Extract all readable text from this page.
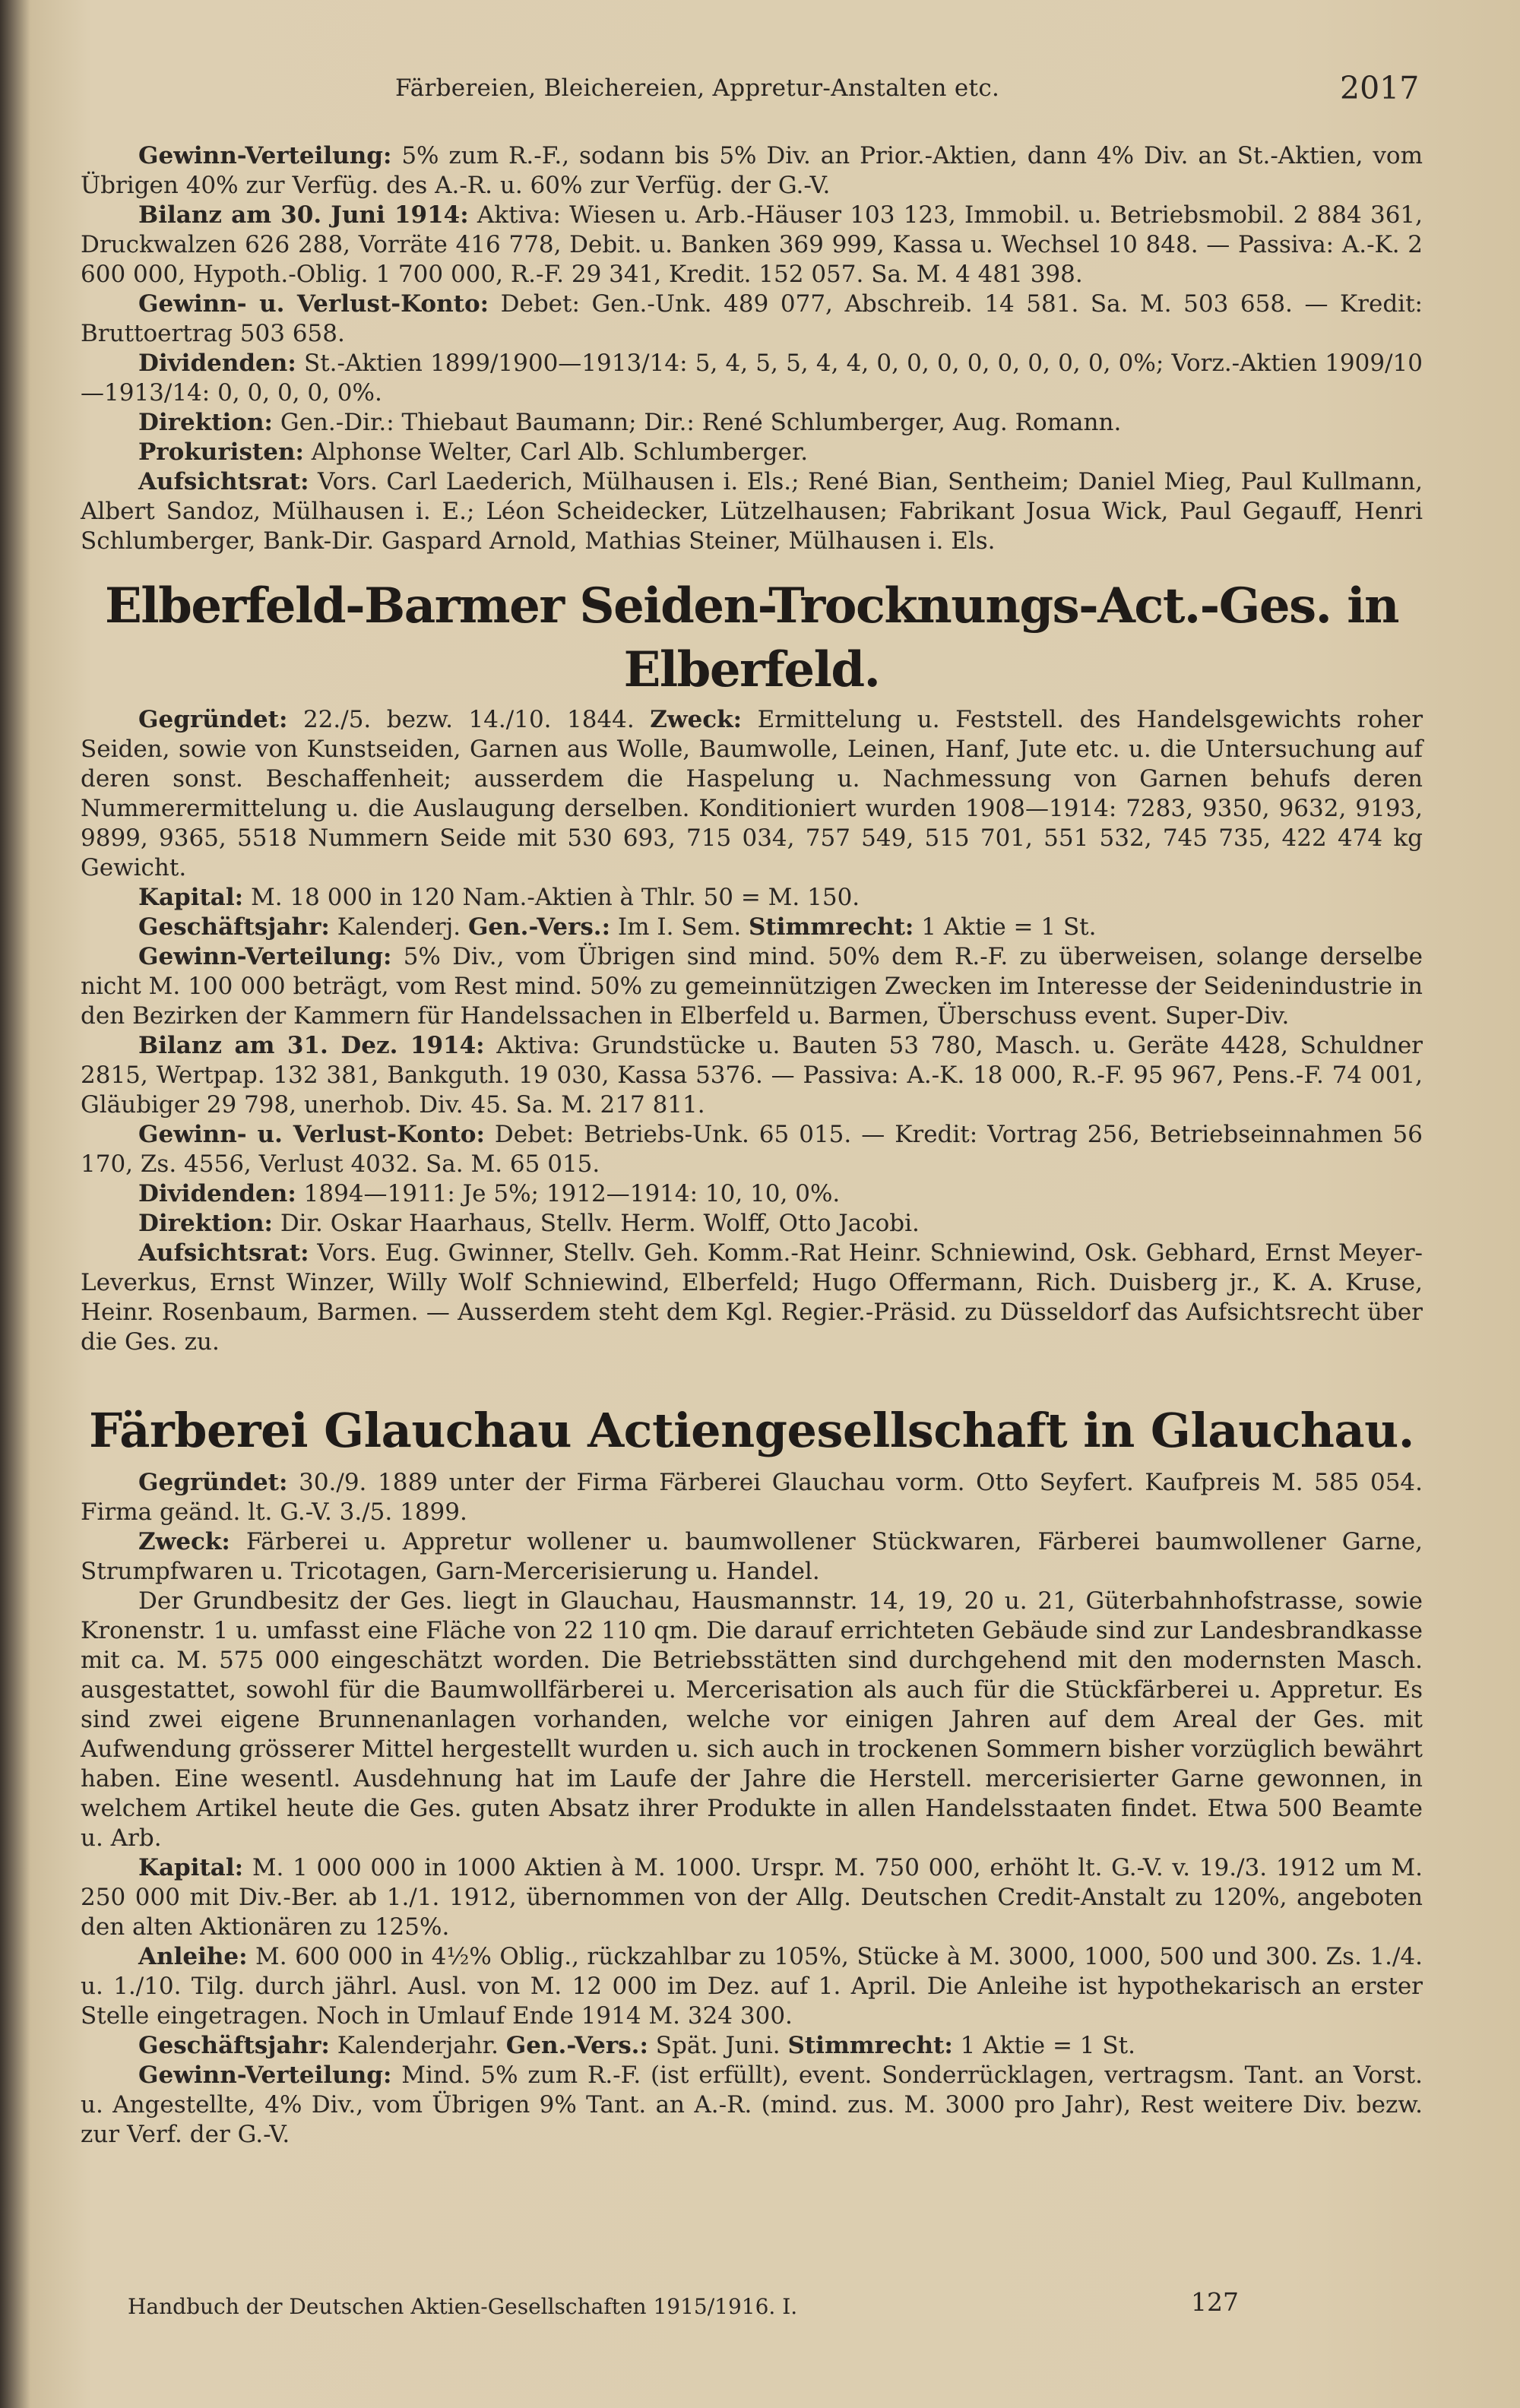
Färbereien, Bleichereien, Appretur-Anstalten etc.	2017

Gewinn-Verteilung: 5% zum R.-F., sodann bis 5% Div. an Prior.-Aktien, dann 4% Div. an St.-Aktien, vom Übrigen 40% zur Verfüg. des A.-R. u. 60% zur Verfüg. der G.-V.

Bilanz am 30. Juni 1914: Aktiva: Wiesen u. Arb.-Häuser 103 123, Immobil. u. Betriebsmobil. 2 884 361, Druckwalzen 626 288, Vorräte 416 778, Debit. u. Banken 369 999, Kassa u. Wechsel 10 848. — Passiva: A.-K. 2 600 000, Hypoth.-Oblig. 1 700 000, R.-F. 29 341, Kredit. 152 057. Sa. M. 4 481 398.

Gewinn- u. Verlust-Konto: Debet: Gen.-Unk. 489 077, Abschreib. 14 581. Sa. M. 503 658. — Kredit: Bruttoertrag 503 658.

Dividenden: St.-Aktien 1899/1900—1913/14: 5, 4, 5, 5, 4, 4, 0, 0, 0, 0, 0, 0, 0, 0, 0%; Vorz.-Aktien 1909/10—1913/14: 0, 0, 0, 0, 0%.

Direktion: Gen.-Dir.: Thiebaut Baumann; Dir.: René Schlumberger, Aug. Romann.

Prokuristen: Alphonse Welter, Carl Alb. Schlumberger.

Aufsichtsrat: Vors. Carl Laederich, Mülhausen i. Els.; René Bian, Sentheim; Daniel Mieg, Paul Kullmann, Albert Sandoz, Mülhausen i. E.; Léon Scheidecker, Lützelhausen; Fabrikant Josua Wick, Paul Gegauff, Henri Schlumberger, Bank-Dir. Gaspard Arnold, Mathias Steiner, Mülhausen i. Els.

Elberfeld-Barmer Seiden-Trocknungs-Act.-Ges. in Elberfeld.

Gegründet: 22./5. bezw. 14./10. 1844. Zweck: Ermittelung u. Feststell. des Handelsgewichts roher Seiden, sowie von Kunstseiden, Garnen aus Wolle, Baumwolle, Leinen, Hanf, Jute etc. u. die Untersuchung auf deren sonst. Beschaffenheit; ausserdem die Haspelung u. Nachmessung von Garnen behufs deren Nummerermittelung u. die Auslaugung derselben. Konditioniert wurden 1908—1914: 7283, 9350, 9632, 9193, 9899, 9365, 5518 Nummern Seide mit 530 693, 715 034, 757 549, 515 701, 551 532, 745 735, 422 474 kg Gewicht.

Kapital: M. 18 000 in 120 Nam.-Aktien à Thlr. 50 = M. 150.

Geschäftsjahr: Kalenderj. Gen.-Vers.: Im I. Sem. Stimmrecht: 1 Aktie = 1 St.

Gewinn-Verteilung: 5% Div., vom Übrigen sind mind. 50% dem R.-F. zu überweisen, solange derselbe nicht M. 100 000 beträgt, vom Rest mind. 50% zu gemeinnützigen Zwecken im Interesse der Seidenindustrie in den Bezirken der Kammern für Handelssachen in Elberfeld u. Barmen, Überschuss event. Super-Div.

Bilanz am 31. Dez. 1914: Aktiva: Grundstücke u. Bauten 53 780, Masch. u. Geräte 4428, Schuldner 2815, Wertpap. 132 381, Bankguth. 19 030, Kassa 5376. — Passiva: A.-K. 18 000, R.-F. 95 967, Pens.-F. 74 001, Gläubiger 29 798, unerhob. Div. 45. Sa. M. 217 811.

Gewinn- u. Verlust-Konto: Debet: Betriebs-Unk. 65 015. — Kredit: Vortrag 256, Betriebseinnahmen 56 170, Zs. 4556, Verlust 4032. Sa. M. 65 015.

Dividenden: 1894—1911: Je 5%; 1912—1914: 10, 10, 0%.

Direktion: Dir. Oskar Haarhaus, Stellv. Herm. Wolff, Otto Jacobi.

Aufsichtsrat: Vors. Eug. Gwinner, Stellv. Geh. Komm.-Rat Heinr. Schniewind, Osk. Gebhard, Ernst Meyer-Leverkus, Ernst Winzer, Willy Wolf Schniewind, Elberfeld; Hugo Offermann, Rich. Duisberg jr., K. A. Kruse, Heinr. Rosenbaum, Barmen. — Ausserdem steht dem Kgl. Regier.-Präsid. zu Düsseldorf das Aufsichtsrecht über die Ges. zu.

Färberei Glauchau Actiengesellschaft in Glauchau.

Gegründet: 30./9. 1889 unter der Firma Färberei Glauchau vorm. Otto Seyfert. Kaufpreis M. 585 054. Firma geänd. lt. G.-V. 3./5. 1899.

Zweck: Färberei u. Appretur wollener u. baumwollener Stückwaren, Färberei baumwollener Garne, Strumpfwaren u. Tricotagen, Garn-Mercerisierung u. Handel.

Der Grundbesitz der Ges. liegt in Glauchau, Hausmannstr. 14, 19, 20 u. 21, Güterbahnhofstrasse, sowie Kronenstr. 1 u. umfasst eine Fläche von 22 110 qm. Die darauf errichteten Gebäude sind zur Landesbrandkasse mit ca. M. 575 000 eingeschätzt worden. Die Betriebsstätten sind durchgehend mit den modernsten Masch. ausgestattet, sowohl für die Baumwollfärberei u. Mercerisation als auch für die Stückfärberei u. Appretur. Es sind zwei eigene Brunnenanlagen vorhanden, welche vor einigen Jahren auf dem Areal der Ges. mit Aufwendung grösserer Mittel hergestellt wurden u. sich auch in trockenen Sommern bisher vorzüglich bewährt haben. Eine wesentl. Ausdehnung hat im Laufe der Jahre die Herstell. mercerisierter Garne gewonnen, in welchem Artikel heute die Ges. guten Absatz ihrer Produkte in allen Handelsstaaten findet. Etwa 500 Beamte u. Arb.

Kapital: M. 1 000 000 in 1000 Aktien à M. 1000. Urspr. M. 750 000, erhöht lt. G.-V. v. 19./3. 1912 um M. 250 000 mit Div.-Ber. ab 1./1. 1912, übernommen von der Allg. Deutschen Credit-Anstalt zu 120%, angeboten den alten Aktionären zu 125%.

Anleihe: M. 600 000 in 4½% Oblig., rückzahlbar zu 105%, Stücke à M. 3000, 1000, 500 und 300. Zs. 1./4. u. 1./10. Tilg. durch jährl. Ausl. von M. 12 000 im Dez. auf 1. April. Die Anleihe ist hypothekarisch an erster Stelle eingetragen. Noch in Umlauf Ende 1914 M. 324 300.

Geschäftsjahr: Kalenderjahr. Gen.-Vers.: Spät. Juni. Stimmrecht: 1 Aktie = 1 St.

Gewinn-Verteilung: Mind. 5% zum R.-F. (ist erfüllt), event. Sonderrücklagen, vertragsm. Tant. an Vorst. u. Angestellte, 4% Div., vom Übrigen 9% Tant. an A.-R. (mind. zus. M. 3000 pro Jahr), Rest weitere Div. bezw. zur Verf. der G.-V.

Handbuch der Deutschen Aktien-Gesellschaften 1915/1916. I.	127
